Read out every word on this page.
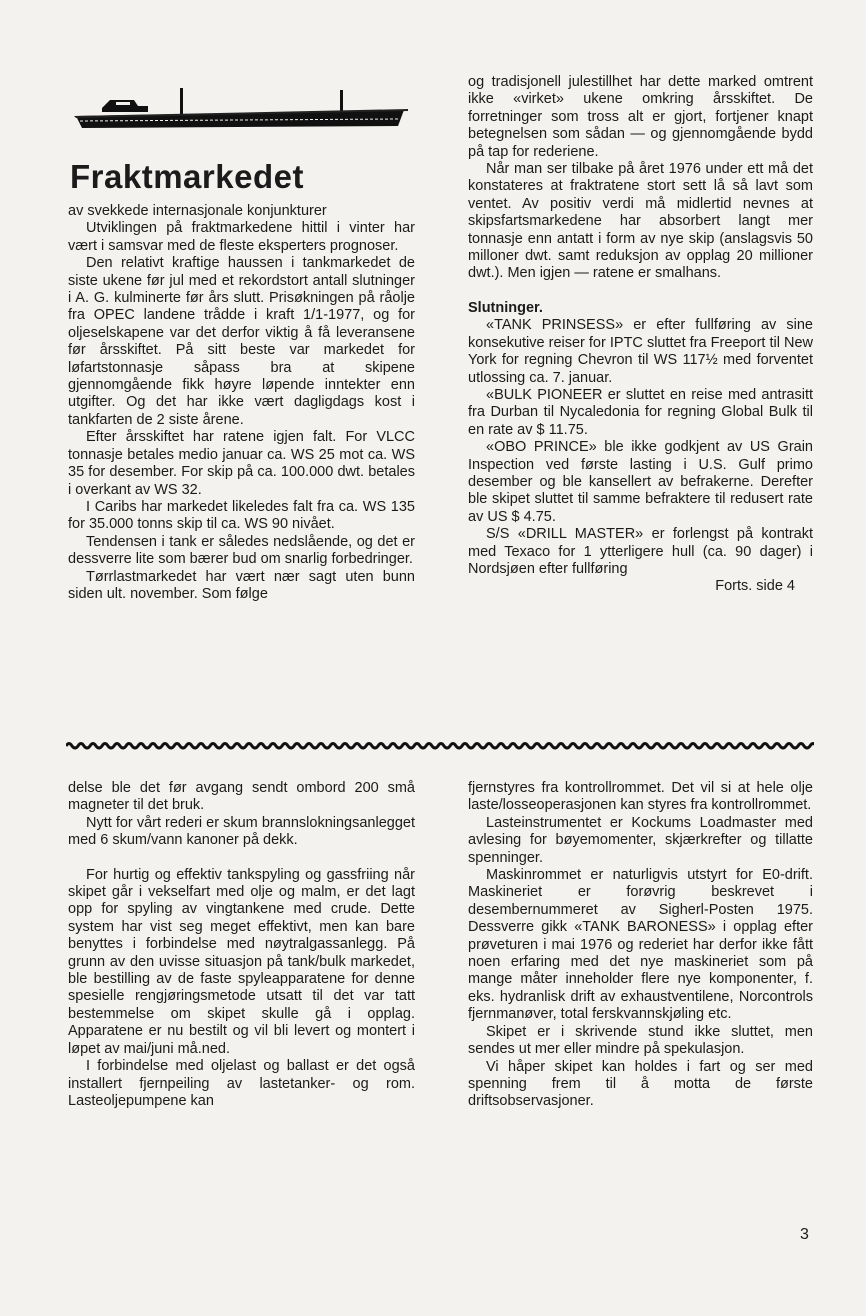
Fraktmarkedet

av svekkede internasjonale konjunkturer

Utviklingen på fraktmarkedene hittil i vinter har vært i samsvar med de fleste eksperters prognoser.

Den relativt kraftige haussen i tankmarkedet de siste ukene før jul med et rekordstort antall slutninger i A. G. kulminerte før års slutt. Prisøkningen på råolje fra OPEC landene trådde i kraft 1/1-1977, og for oljeselskapene var det derfor viktig å få leveransene før årsskiftet. På sitt beste var markedet for løfartstonnasje såpass bra at skipene gjennomgående fikk høyre løpende inntekter enn utgifter. Og det har ikke vært dagligdags kost i tankfarten de 2 siste årene.

Efter årsskiftet har ratene igjen falt. For VLCC tonnasje betales medio januar ca. WS 25 mot ca. WS 35 for desember. For skip på ca. 100.000 dwt. betales i overkant av WS 32.

I Caribs har markedet likeledes falt fra ca. WS 135 for 35.000 tonns skip til ca. WS 90 nivået.

Tendensen i tank er således nedslående, og det er dessverre lite som bærer bud om snarlig forbedringer.

Tørrlastmarkedet har vært nær sagt uten bunn siden ult. november. Som følge

og tradisjonell julestillhet har dette marked omtrent ikke «virket» ukene omkring årsskiftet. De forretninger som tross alt er gjort, fortjener knapt betegnelsen som sådan — og gjennomgående bydd på tap for rederiene.

Når man ser tilbake på året 1976 under ett må det konstateres at fraktratene stort sett lå så lavt som ventet. Av positiv verdi må midlertid nevnes at skipsfartsmarkedene har absorbert langt mer tonnasje enn antatt i form av nye skip (anslagsvis 50 milloner dwt. samt reduksjon av opplag 20 millioner dwt.). Men igjen — ratene er smalhans.

Slutninger.

«TANK PRINSESS» er efter fullføring av sine konsekutive reiser for IPTC sluttet fra Freeport til New York for regning Chevron til WS 117½ med forventet utlossing ca. 7. januar.

«BULK PIONEER er sluttet en reise med antrasitt fra Durban til Nycaledonia for regning Global Bulk til en rate av $ 11.75.

«OBO PRINCE» ble ikke godkjent av US Grain Inspection ved første lasting i U.S. Gulf primo desember og ble kansellert av befrakerne. Derefter ble skipet sluttet til samme befraktere til redusert rate av US $ 4.75.

S/S «DRILL MASTER» er forlengst på kontrakt med Texaco for 1 ytterligere hull (ca. 90 dager) i Nordsjøen efter fullføring

Forts. side 4

delse ble det før avgang sendt ombord 200 små magneter til det bruk.

Nytt for vårt rederi er skum brannslokningsanlegget med 6 skum/vann kanoner på dekk.

For hurtig og effektiv tankspyling og gassfriing når skipet går i vekselfart med olje og malm, er det lagt opp for spyling av vingtankene med crude. Dette system har vist seg meget effektivt, men kan bare benyttes i forbindelse med nøytralgassanlegg. På grunn av den uvisse situasjon på tank/bulk markedet, ble bestilling av de faste spyleapparatene for denne spesielle rengjøringsmetode utsatt til det var tatt bestemmelse om skipet skulle gå i opplag. Apparatene er nu bestilt og vil bli levert og montert i løpet av mai/juni må.ned.

I forbindelse med oljelast og ballast er det også installert fjernpeiling av lastetanker- og rom. Lasteoljepumpene kan

fjernstyres fra kontrollrommet. Det vil si at hele olje laste/losseoperasjonen kan styres fra kontrollrommet.

Lasteinstrumentet er Kockums Loadmaster med avlesing for bøyemomenter, skjærkrefter og tillatte spenninger.

Maskinrommet er naturligvis utstyrt for E0-drift. Maskineriet er forøvrig beskrevet i desembernummeret av Sigherl-Posten 1975. Dessverre gikk «TANK BARONESS» i opplag efter prøveturen i mai 1976 og rederiet har derfor ikke fått noen erfaring med det nye maskineriet som på mange måter inneholder flere nye komponenter, f. eks. hydranlisk drift av exhaustventilene, Norcontrols fjernmanøver, total ferskvannskjøling etc.

Skipet er i skrivende stund ikke sluttet, men sendes ut mer eller mindre på spekulasjon.

Vi håper skipet kan holdes i fart og ser med spenning frem til å motta de første driftsobservasjoner.

3
